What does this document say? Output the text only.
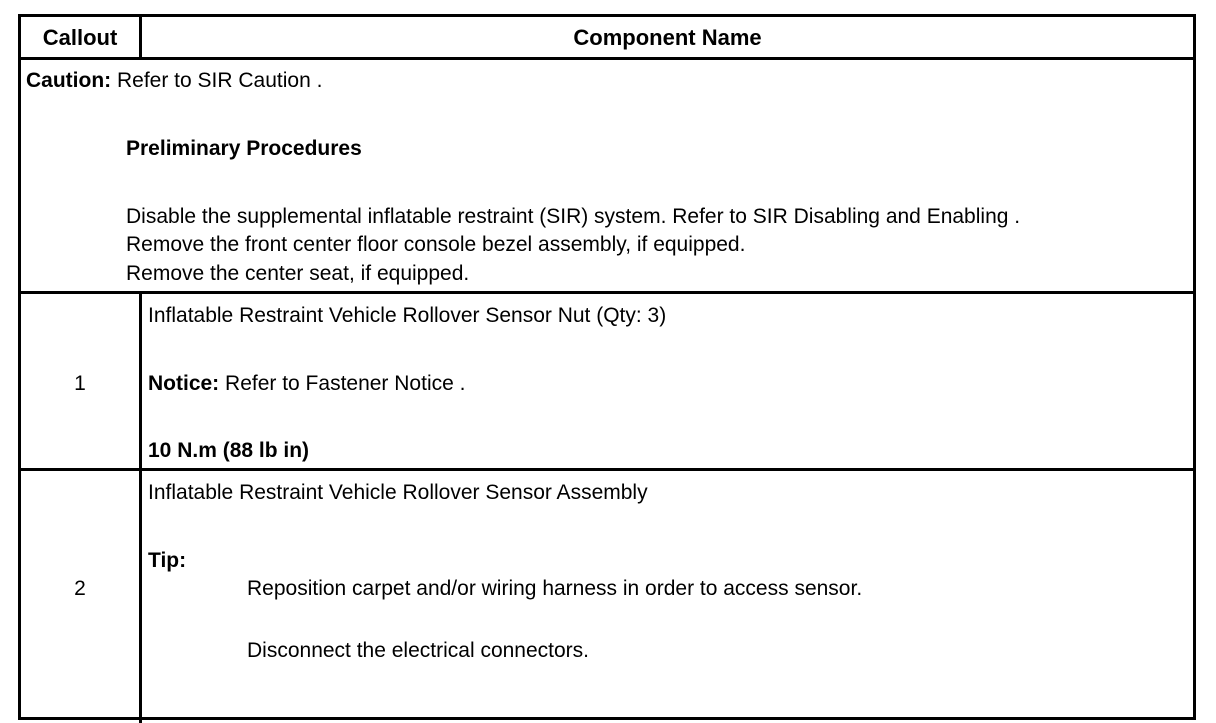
Callout	Component Name
Caution: Refer to SIR Caution .
Preliminary Procedures
Disable the supplemental inflatable restraint (SIR) system. Refer to SIR Disabling and Enabling .
Remove the front center floor console bezel assembly, if equipped.
Remove the center seat, if equipped.
1
Inflatable Restraint Vehicle Rollover Sensor Nut (Qty: 3)
Notice: Refer to Fastener Notice .
10 N.m (88 lb in)
2
Inflatable Restraint Vehicle Rollover Sensor Assembly
Tip:
Reposition carpet and/or wiring harness in order to access sensor.
Disconnect the electrical connectors.
